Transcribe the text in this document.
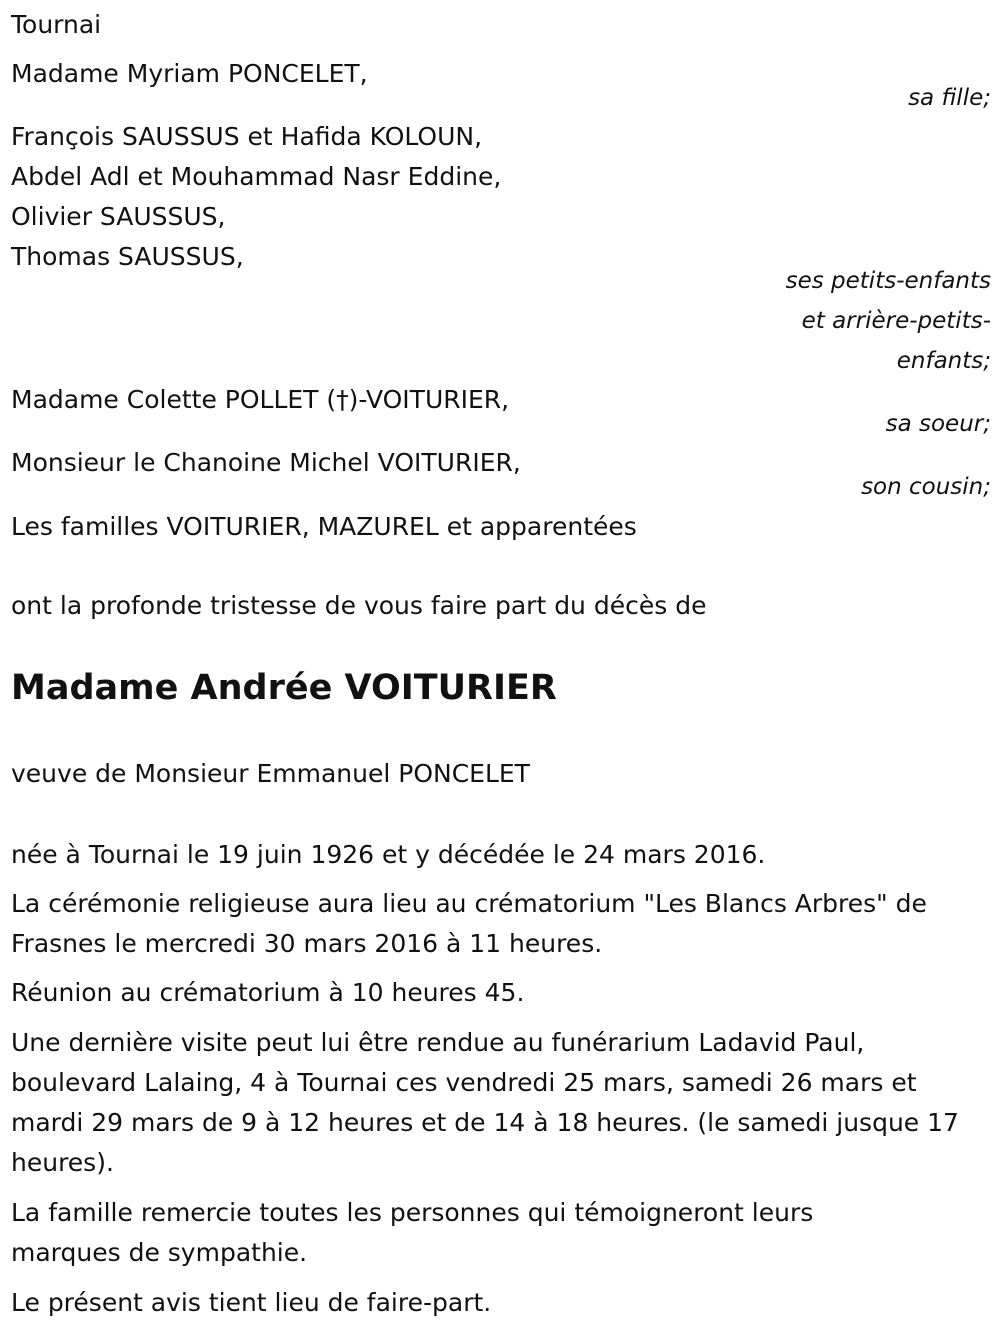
Tournai
Madame Myriam PONCELET,
sa fille;
François SAUSSUS et Hafida KOLOUN,
Abdel Adl et Mouhammad Nasr Eddine,
Olivier SAUSSUS,
Thomas SAUSSUS,
ses petits-enfants
et arrière-petits-
enfants;
Madame Colette POLLET (†)-VOITURIER,
sa soeur;
Monsieur le Chanoine Michel VOITURIER,
son cousin;
Les familles VOITURIER, MAZUREL et apparentées
ont la profonde tristesse de vous faire part du décès de
Madame Andrée VOITURIER
veuve de Monsieur Emmanuel PONCELET
née à Tournai le 19 juin 1926 et y décédée le 24 mars 2016.
La cérémonie religieuse aura lieu au crématorium "Les Blancs Arbres" de
Frasnes le mercredi 30 mars 2016 à 11 heures.
Réunion au crématorium à 10 heures 45.
Une dernière visite peut lui être rendue au funérarium Ladavid Paul,
boulevard Lalaing, 4 à Tournai ces vendredi 25 mars, samedi 26 mars et
mardi 29 mars de 9 à 12 heures et de 14 à 18 heures. (le samedi jusque 17
heures).
La famille remercie toutes les personnes qui témoigneront leurs
marques de sympathie.
Le présent avis tient lieu de faire-part.
